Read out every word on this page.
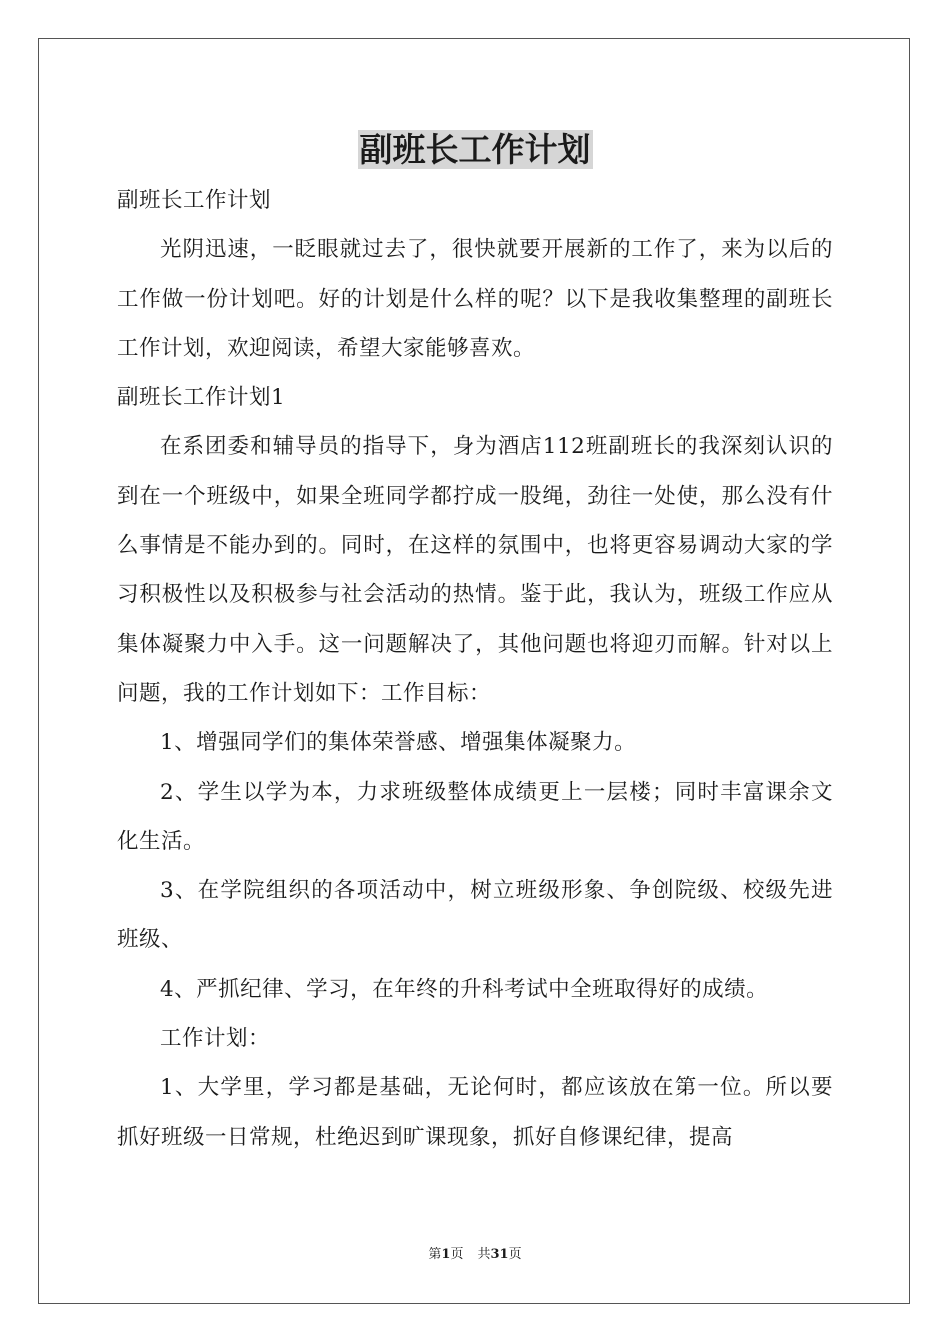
副班长工作计划

副班长工作计划

光阴迅速，一眨眼就过去了，很快就要开展新的工作了，来为以后的工作做一份计划吧。好的计划是什么样的呢？以下是我收集整理的副班长工作计划，欢迎阅读，希望大家能够喜欢。

副班长工作计划1

在系团委和辅导员的指导下，身为酒店112班副班长的我深刻认识的到在一个班级中，如果全班同学都拧成一股绳，劲往一处使，那么没有什么事情是不能办到的。同时，在这样的氛围中，也将更容易调动大家的学习积极性以及积极参与社会活动的热情。鉴于此，我认为，班级工作应从集体凝聚力中入手。这一问题解决了，其他问题也将迎刃而解。针对以上问题，我的工作计划如下：工作目标：

1、增强同学们的集体荣誉感、增强集体凝聚力。

2、学生以学为本，力求班级整体成绩更上一层楼；同时丰富课余文化生活。

3、在学院组织的各项活动中，树立班级形象、争创院级、校级先进班级、

4、严抓纪律、学习，在年终的升科考试中全班取得好的成绩。

工作计划：

1、大学里，学习都是基础，无论何时，都应该放在第一位。所以要抓好班级一日常规，杜绝迟到旷课现象，抓好自修课纪律，提高

第1页 共31页
